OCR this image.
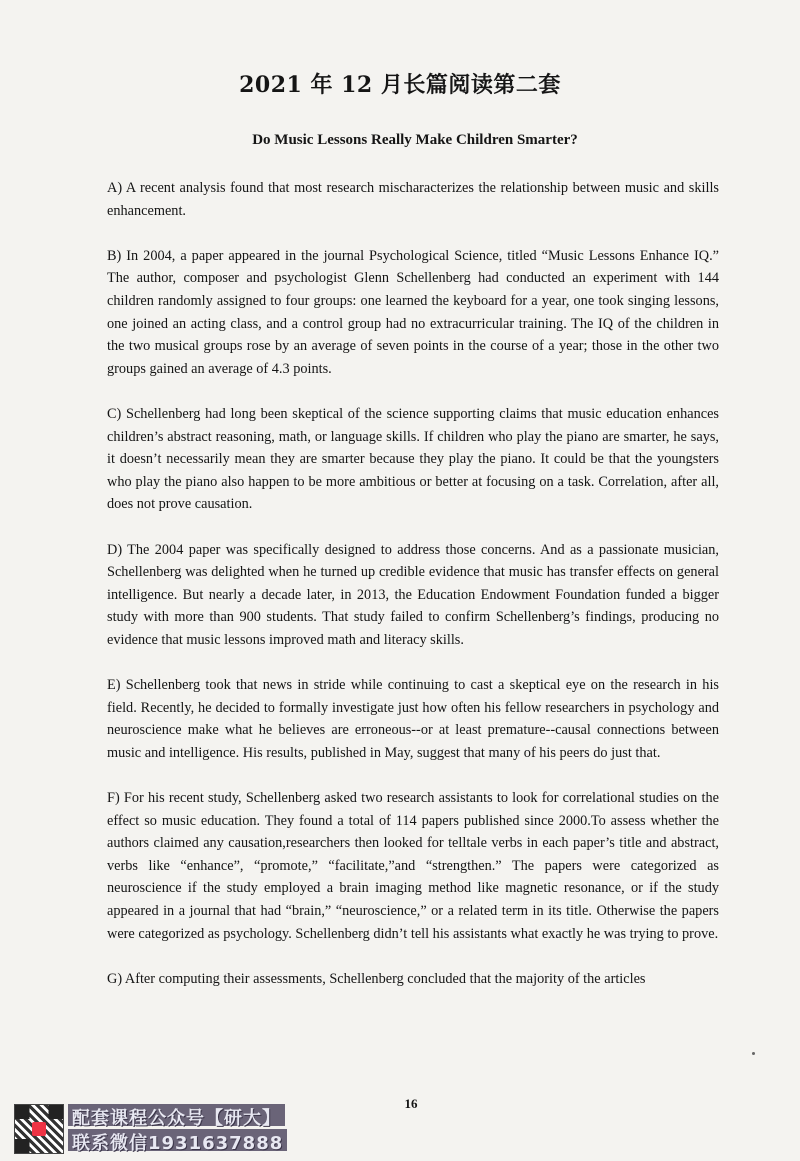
2021 年 12 月长篇阅读第二套
Do Music Lessons Really Make Children Smarter?

A) A recent analysis found that most research mischaracterizes the relationship between music and skills enhancement.

B) In 2004, a paper appeared in the journal Psychological Science, titled “Music Lessons Enhance IQ.” The author, composer and psychologist Glenn Schellenberg had conducted an experiment with 144 children randomly assigned to four groups: one learned the keyboard for a year, one took singing lessons, one joined an acting class, and a control group had no extracurricular training. The IQ of the children in the two musical groups rose by an average of seven points in the course of a year; those in the other two groups gained an average of 4.3 points.

C) Schellenberg had long been skeptical of the science supporting claims that music education enhances children’s abstract reasoning, math, or language skills. If children who play the piano are smarter, he says, it doesn’t necessarily mean they are smarter because they play the piano. It could be that the youngsters who play the piano also happen to be more ambitious or better at focusing on a task. Correlation, after all, does not prove causation.

D) The 2004 paper was specifically designed to address those concerns. And as a passionate musician, Schellenberg was delighted when he turned up credible evidence that music has transfer effects on general intelligence. But nearly a decade later, in 2013, the Education Endowment Foundation funded a bigger study with more than 900 students. That study failed to confirm Schellenberg’s findings, producing no evidence that music lessons improved math and literacy skills.

E) Schellenberg took that news in stride while continuing to cast a skeptical eye on the research in his field. Recently, he decided to formally investigate just how often his fellow researchers in psychology and neuroscience make what he believes are erroneous--or at least premature--causal connections between music and intelligence. His results, published in May, suggest that many of his peers do just that.

F) For his recent study, Schellenberg asked two research assistants to look for correlational studies on the effect so music education. They found a total of 114 papers published since 2000.To assess whether the authors claimed any causation,researchers then looked for telltale verbs in each paper’s title and abstract, verbs like “enhance”, “promote,” “facilitate,”and “strengthen.” The papers were categorized as neuroscience if the study employed a brain imaging method like magnetic resonance, or if the study appeared in a journal that had “brain,” “neuroscience,” or a related term in its title. Otherwise the papers were categorized as psychology. Schellenberg didn’t tell his assistants what exactly he was trying to prove.

G) After computing their assessments, Schellenberg concluded that the majority of the articles

16
配套课程公众号【研大】
联系微信1931637888
